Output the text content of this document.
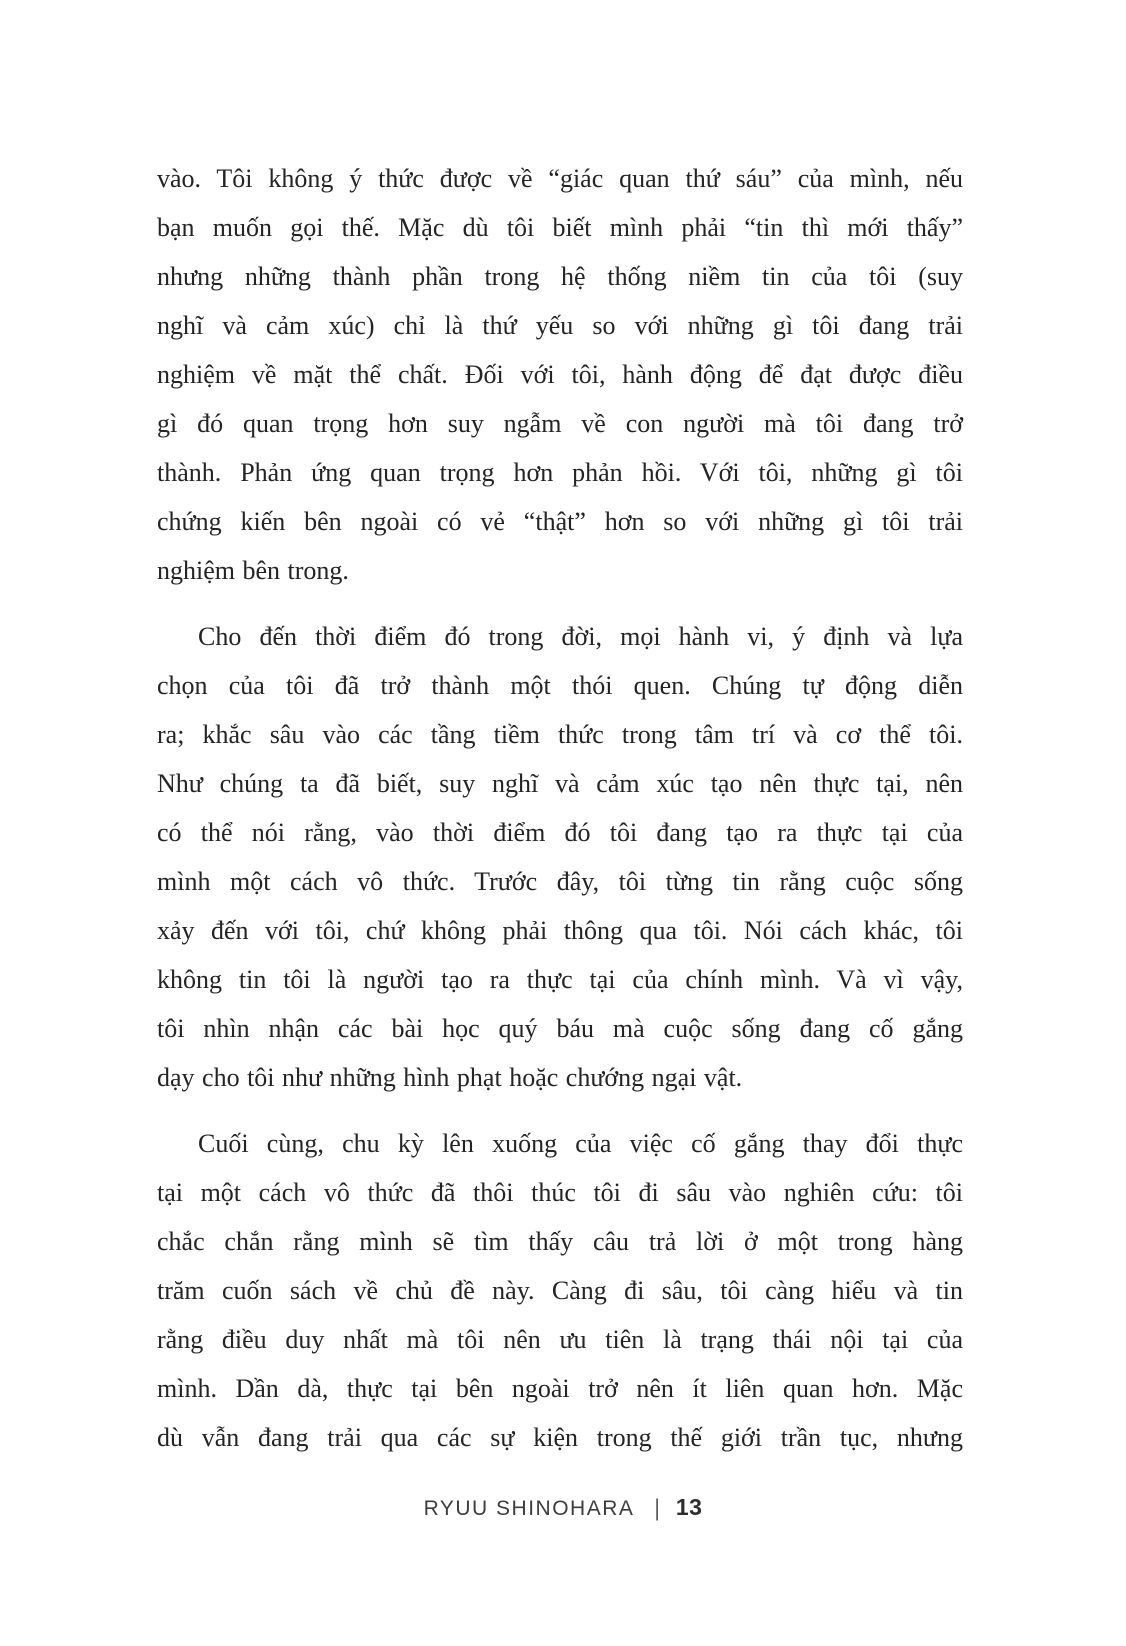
vào. Tôi không ý thức được về “giác quan thứ sáu” của mình, nếu
bạn muốn gọi thế. Mặc dù tôi biết mình phải “tin thì mới thấy”
nhưng những thành phần trong hệ thống niềm tin của tôi (suy
nghĩ và cảm xúc) chỉ là thứ yếu so với những gì tôi đang trải
nghiệm về mặt thể chất. Đối với tôi, hành động để đạt được điều
gì đó quan trọng hơn suy ngẫm về con người mà tôi đang trở
thành. Phản ứng quan trọng hơn phản hồi. Với tôi, những gì tôi
chứng kiến bên ngoài có vẻ “thật” hơn so với những gì tôi trải
nghiệm bên trong.
Cho đến thời điểm đó trong đời, mọi hành vi, ý định và lựa
chọn của tôi đã trở thành một thói quen. Chúng tự động diễn
ra; khắc sâu vào các tầng tiềm thức trong tâm trí và cơ thể tôi.
Như chúng ta đã biết, suy nghĩ và cảm xúc tạo nên thực tại, nên
có thể nói rằng, vào thời điểm đó tôi đang tạo ra thực tại của
mình một cách vô thức. Trước đây, tôi từng tin rằng cuộc sống
xảy đến với tôi, chứ không phải thông qua tôi. Nói cách khác, tôi
không tin tôi là người tạo ra thực tại của chính mình. Và vì vậy,
tôi nhìn nhận các bài học quý báu mà cuộc sống đang cố gắng
dạy cho tôi như những hình phạt hoặc chướng ngại vật.
Cuối cùng, chu kỳ lên xuống của việc cố gắng thay đổi thực
tại một cách vô thức đã thôi thúc tôi đi sâu vào nghiên cứu: tôi
chắc chắn rằng mình sẽ tìm thấy câu trả lời ở một trong hàng
trăm cuốn sách về chủ đề này. Càng đi sâu, tôi càng hiểu và tin
rằng điều duy nhất mà tôi nên ưu tiên là trạng thái nội tại của
mình. Dần dà, thực tại bên ngoài trở nên ít liên quan hơn. Mặc
dù vẫn đang trải qua các sự kiện trong thế giới trần tục, nhưng
RYUU SHINOHARA | 13
